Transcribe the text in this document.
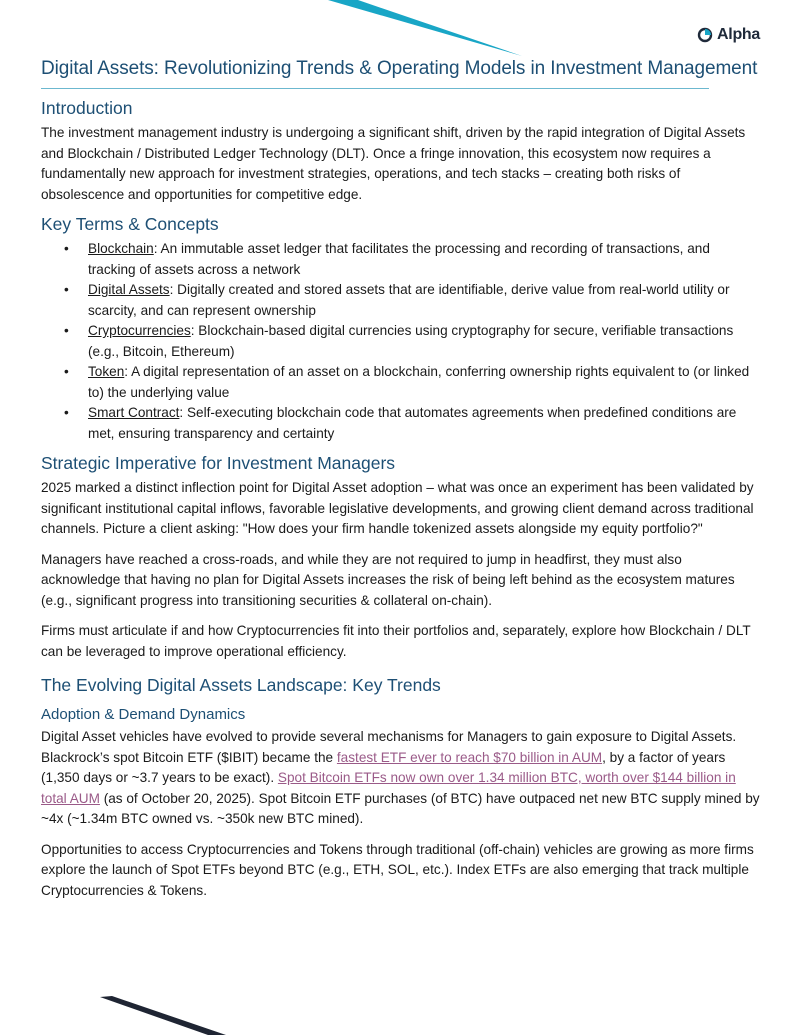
Alpha
Digital Assets: Revolutionizing Trends & Operating Models in Investment Management
Introduction

The investment management industry is undergoing a significant shift, driven by the rapid integration of Digital Assets and Blockchain / Distributed Ledger Technology (DLT). Once a fringe innovation, this ecosystem now requires a fundamentally new approach for investment strategies, operations, and tech stacks – creating both risks of obsolescence and opportunities for competitive edge.

Key Terms & Concepts
• Blockchain: An immutable asset ledger that facilitates the processing and recording of transactions, and tracking of assets across a network
• Digital Assets: Digitally created and stored assets that are identifiable, derive value from real-world utility or scarcity, and can represent ownership
• Cryptocurrencies: Blockchain-based digital currencies using cryptography for secure, verifiable transactions (e.g., Bitcoin, Ethereum)
• Token: A digital representation of an asset on a blockchain, conferring ownership rights equivalent to (or linked to) the underlying value
• Smart Contract: Self-executing blockchain code that automates agreements when predefined conditions are met, ensuring transparency and certainty
Strategic Imperative for Investment Managers

2025 marked a distinct inflection point for Digital Asset adoption – what was once an experiment has been validated by significant institutional capital inflows, favorable legislative developments, and growing client demand across traditional channels. Picture a client asking: "How does your firm handle tokenized assets alongside my equity portfolio?"

Managers have reached a cross-roads, and while they are not required to jump in headfirst, they must also acknowledge that having no plan for Digital Assets increases the risk of being left behind as the ecosystem matures (e.g., significant progress into transitioning securities & collateral on-chain).

Firms must articulate if and how Cryptocurrencies fit into their portfolios and, separately, explore how Blockchain / DLT can be leveraged to improve operational efficiency.

The Evolving Digital Assets Landscape: Key Trends
Adoption & Demand Dynamics

Digital Asset vehicles have evolved to provide several mechanisms for Managers to gain exposure to Digital Assets. Blackrock’s spot Bitcoin ETF ($IBIT) became the fastest ETF ever to reach $70 billion in AUM, by a factor of years (1,350 days or ~3.7 years to be exact). Spot Bitcoin ETFs now own over 1.34 million BTC, worth over $144 billion in total AUM (as of October 20, 2025). Spot Bitcoin ETF purchases (of BTC) have outpaced net new BTC supply mined by ~4x (~1.34m BTC owned vs. ~350k new BTC mined).

Opportunities to access Cryptocurrencies and Tokens through traditional (off-chain) vehicles are growing as more firms explore the launch of Spot ETFs beyond BTC (e.g., ETH, SOL, etc.). Index ETFs are also emerging that track multiple Cryptocurrencies & Tokens.
